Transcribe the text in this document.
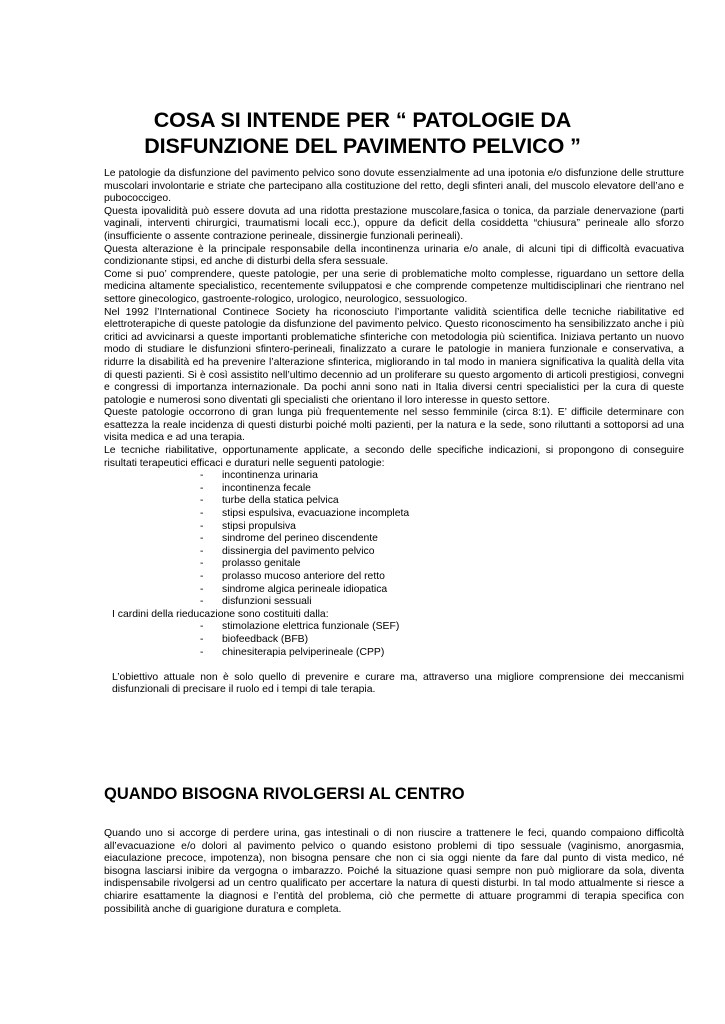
COSA SI INTENDE PER “ PATOLOGIE DA
DISFUNZIONE DEL PAVIMENTO PELVICO ”

Le patologie da disfunzione del pavimento pelvico sono dovute essenzialmente ad una ipotonia e/o disfunzione delle strutture muscolari involontarie e striate che partecipano alla costituzione del retto, degli sfinteri anali, del muscolo elevatore dell’ano e pubococcigeo.

Questa ipovalidità può essere dovuta ad una ridotta prestazione muscolare,fasica o tonica, da parziale denervazione (parti vaginali, interventi chirurgici, traumatismi locali ecc.), oppure da deficit della cosiddetta “chiusura” perineale allo sforzo (insufficiente o assente contrazione perineale, dissinergie funzionali perineali).

Questa alterazione è la principale responsabile della incontinenza urinaria e/o anale, di alcuni tipi di difficoltà evacuativa condizionante stipsi, ed anche di disturbi della sfera sessuale.

Come si puo’ comprendere, queste patologie, per una serie di problematiche molto complesse, riguardano un settore della medicina altamente specialistico, recentemente sviluppatosi e che comprende competenze multidisciplinari che rientrano nel settore ginecologico, gastroente-rologico, urologico, neurologico, sessuologico.

Nel 1992 l’International Continece Society ha riconosciuto l’importante validità scientifica delle tecniche riabilitative ed elettroterapiche di queste patologie da disfunzione del pavimento pelvico. Questo riconoscimento ha sensibilizzato anche i più critici ad avvicinarsi a queste importanti problematiche sfinteriche con metodologia più scientifica. Iniziava pertanto un nuovo modo di studiare le disfunzioni sfintero-perineali, finalizzato a curare le patologie in maniera funzionale e conservativa, a ridurre la disabilità ed ha prevenire l’alterazione sfinterica, migliorando in tal modo in maniera significativa la qualità della vita di questi pazienti. Si è così assistito nell’ultimo decennio ad un proliferare su questo argomento di articoli prestigiosi, convegni e congressi di importanza internazionale. Da pochi anni sono nati in Italia diversi centri specialistici per la cura di queste patologie e numerosi sono diventati gli specialisti che orientano il loro interesse in questo settore.

Queste patologie occorrono di gran lunga più frequentemente nel sesso femminile (circa 8:1). E’ difficile determinare con esattezza la reale incidenza di questi disturbi poiché molti pazienti, per la natura e la sede, sono riluttanti a sottoporsi ad una visita medica e ad una terapia.

Le tecniche riabilitative, opportunamente applicate, a secondo delle specifiche indicazioni, si propongono di conseguire risultati terapeutici efficaci e duraturi nelle seguenti patologie:

- incontinenza urinaria
- incontinenza fecale
- turbe della statica pelvica
- stipsi espulsiva, evacuazione incompleta
- stipsi propulsiva
- sindrome del perineo discendente
- dissinergia del pavimento pelvico
- prolasso genitale
- prolasso mucoso anteriore del retto
- sindrome algica perineale idiopatica
- disfunzioni sessuali

I cardini della rieducazione sono costituiti dalla:

- stimolazione elettrica funzionale (SEF)
- biofeedback (BFB)
- chinesiterapia pelviperineale (CPP)

L’obiettivo attuale non è solo quello di prevenire e curare ma, attraverso una migliore comprensione dei meccanismi disfunzionali di precisare il ruolo ed i tempi di tale terapia.

QUANDO BISOGNA RIVOLGERSI AL CENTRO

Quando uno si accorge di perdere urina, gas intestinali o di non riuscire a trattenere le feci, quando compaiono difficoltà all’evacuazione e/o dolori al pavimento pelvico o quando esistono problemi di tipo sessuale (vaginismo, anorgasmia, eiaculazione precoce, impotenza), non bisogna pensare che non ci sia oggi niente da fare dal punto di vista medico, né bisogna lasciarsi inibire da vergogna o imbarazzo. Poiché la situazione quasi sempre non può migliorare da sola, diventa indispensabile rivolgersi ad un centro qualificato per accertare la natura di questi disturbi. In tal modo attualmente si riesce a chiarire esattamente la diagnosi e l’entità del problema, ciò che permette di attuare programmi di terapia specifica con possibilità anche di guarigione duratura e completa.
